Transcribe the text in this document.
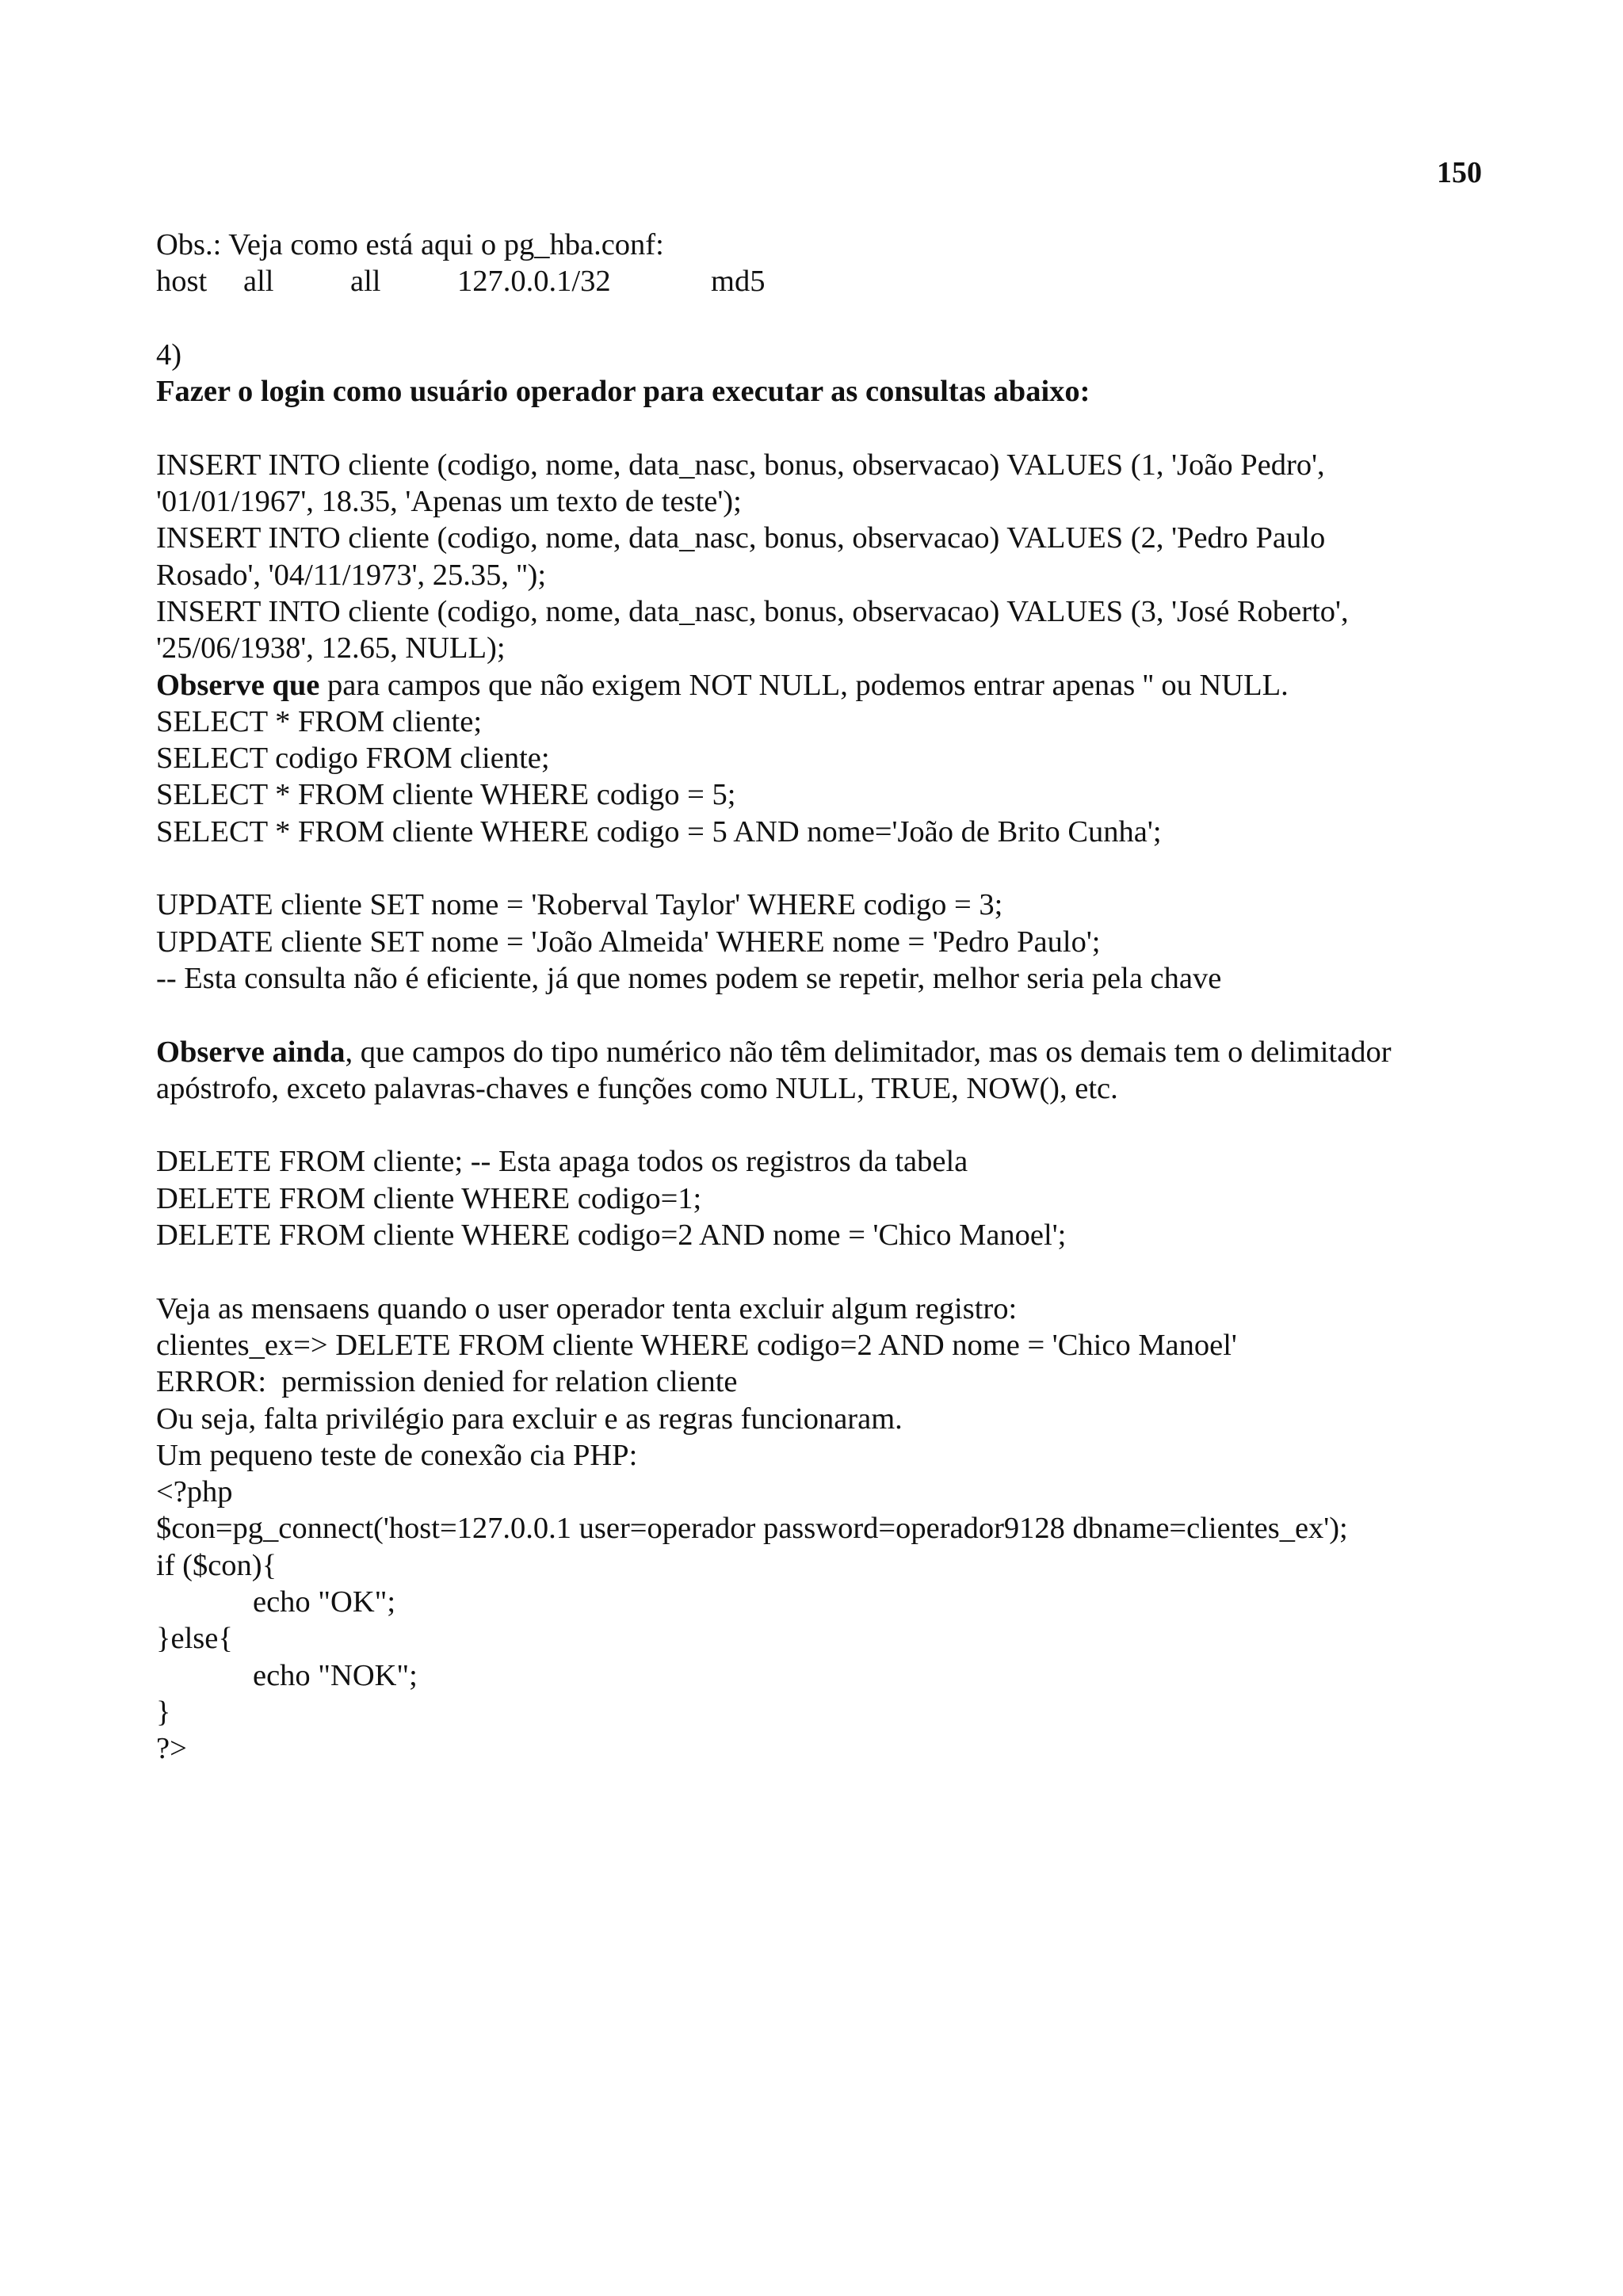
150
Obs.: Veja como está aqui o pg_hba.conf:

host

all

	all

	127.0.0.1/32

	md5

4)
Fazer o login como usuário operador para executar as consultas abaixo:
INSERT INTO cliente (codigo, nome, data_nasc, bonus, observacao) VALUES (1, 'João Pedro',
'01/01/1967', 18.35, 'Apenas um texto de teste');
INSERT INTO cliente (codigo, nome, data_nasc, bonus, observacao) VALUES (2, 'Pedro Paulo
Rosado', '04/11/1973', 25.35, '');
INSERT INTO cliente (codigo, nome, data_nasc, bonus, observacao) VALUES (3, 'José Roberto',
'25/06/1938', 12.65, NULL);
Observe que para campos que não exigem NOT NULL, podemos entrar apenas '' ou NULL.
SELECT * FROM cliente;
SELECT codigo FROM cliente;
SELECT * FROM cliente WHERE codigo = 5;
SELECT * FROM cliente WHERE codigo = 5 AND nome='João de Brito Cunha';
UPDATE cliente SET nome = 'Roberval Taylor' WHERE codigo = 3;
UPDATE cliente SET nome = 'João Almeida' WHERE nome = 'Pedro Paulo';
-- Esta consulta não é eficiente, já que nomes podem se repetir, melhor seria pela chave
Observe ainda, que campos do tipo numérico não têm delimitador, mas os demais tem o delimitador
apóstrofo, exceto palavras-chaves e funções como NULL, TRUE, NOW(), etc.
DELETE FROM cliente; -- Esta apaga todos os registros da tabela
DELETE FROM cliente WHERE codigo=1;
DELETE FROM cliente WHERE codigo=2 AND nome = 'Chico Manoel';
Veja as mensaens quando o user operador tenta excluir algum registro:
clientes_ex=> DELETE FROM cliente WHERE codigo=2 AND nome = 'Chico Manoel'
ERROR:  permission denied for relation cliente
Ou seja, falta privilégio para excluir e as regras funcionaram.
Um pequeno teste de conexão cia PHP:
<?php
$con=pg_connect('host=127.0.0.1 user=operador password=operador9128 dbname=clientes_ex');
if ($con){
echo "OK";
}else{
echo "NOK";
}
?>
